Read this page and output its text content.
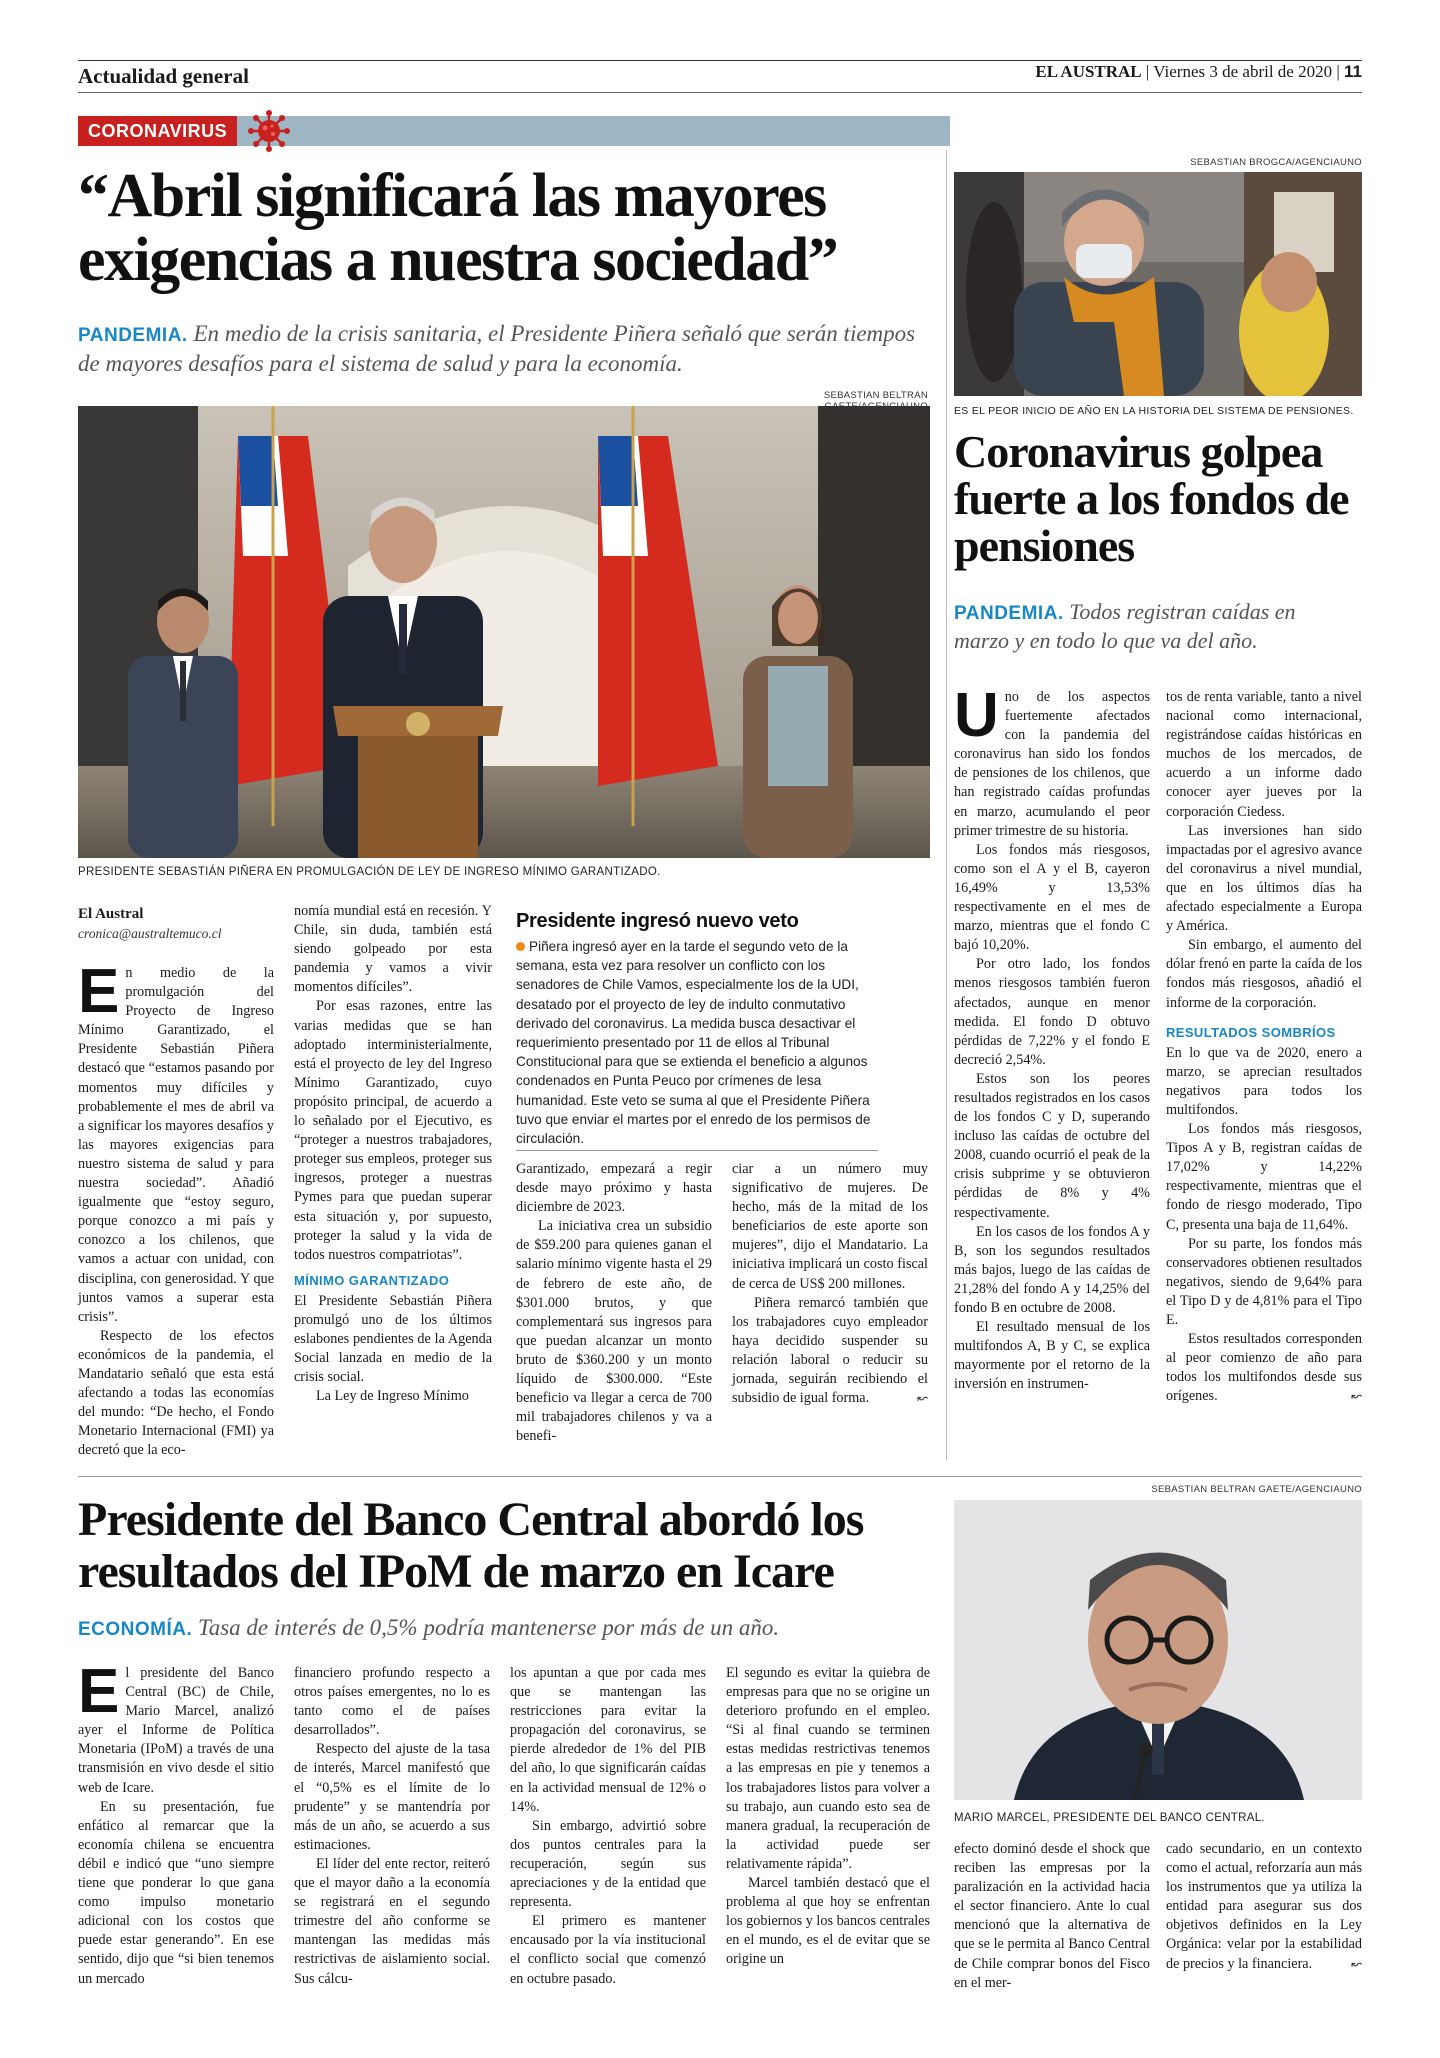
Actualidad general	EL AUSTRAL | Viernes 3 de abril de 2020 | 11
CORONAVIRUS
“Abril significará las mayores exigencias a nuestra sociedad”
PANDEMIA. En medio de la crisis sanitaria, el Presidente Piñera señaló que serán tiempos de mayores desafíos para el sistema de salud y para la economía.
SEBASTIAN BELTRAN
PRESIDENTE SEBASTIÁN PIÑERA EN PROMULGACIÓN DE LEY DE INGRESO MÍNIMO GARANTIZADO.
El Austral
cronica@australtemuco.cl

En medio de la promulgación del Proyecto de Ingreso Mínimo Garantizado, el Presidente Sebastián Piñera destacó que “estamos pasando por momentos muy difíciles y probablemente el mes de abril va a significar los mayores desafíos y las mayores exigencias para nuestro sistema de salud y para nuestra sociedad”. Añadió igualmente que “estoy seguro, porque conozco a mi país y conozco a los chilenos, que vamos a actuar con unidad, con disciplina, con generosidad. Y que juntos vamos a superar esta crisis”.

Respecto de los efectos económicos de la pandemia, el Mandatario señaló que esta está afectando a todas las economías del mundo: “De hecho, el Fondo Monetario Internacional (FMI) ya decretó que la eco-

nomía mundial está en recesión. Y Chile, sin duda, también está siendo golpeado por esta pandemia y vamos a vivir momentos difíciles”.

Por esas razones, entre las varias medidas que se han adoptado interministerialmente, está el proyecto de ley del Ingreso Mínimo Garantizado, cuyo propósito principal, de acuerdo a lo señalado por el Ejecutivo, es “proteger a nuestros trabajadores, proteger sus empleos, proteger sus ingresos, proteger a nuestras Pymes para que puedan superar esta situación y, por supuesto, proteger la salud y la vida de todos nuestros compatriotas”.

MÍNIMO GARANTIZADO

El Presidente Sebastián Piñera promulgó uno de los últimos eslabones pendientes de la Agenda Social lanzada en medio de la crisis social.

La Ley de Ingreso Mínimo

Presidente ingresó nuevo veto
Piñera ingresó ayer en la tarde el segundo veto de la semana, esta vez para resolver un conflicto con los senadores de Chile Vamos, especialmente los de la UDI, desatado por el proyecto de ley de indulto conmutativo derivado del coronavirus. La medida busca desactivar el requerimiento presentado por 11 de ellos al Tribunal Constitucional para que se extienda el beneficio a algunos condenados en Punta Peuco por crímenes de lesa humanidad. Este veto se suma al que el Presidente Piñera tuvo que enviar el martes por el enredo de los permisos de circulación.

Garantizado, empezará a regir desde mayo próximo y hasta diciembre de 2023.

La iniciativa crea un subsidio de $59.200 para quienes ganan el salario mínimo vigente hasta el 29 de febrero de este año, de $301.000 brutos, y que complementará sus ingresos para que puedan alcanzar un monto bruto de $360.200 y un monto líquido de $300.000. “Este beneficio va llegar a cerca de 700 mil trabajadores chilenos y va a benefi-

ciar a un número muy significativo de mujeres. De hecho, más de la mitad de los beneficiarios de este aporte son mujeres”, dijo el Mandatario. La iniciativa implicará un costo fiscal de cerca de US$ 200 millones.

Piñera remarcó también que los trabajadores cuyo empleador haya decidido suspender su relación laboral o reducir su jornada, seguirán recibiendo el subsidio de igual forma.	↜

SEBASTIAN BROGCA/AGENCIAUNO
ES EL PEOR INICIO DE AÑO EN LA HISTORIA DEL SISTEMA DE PENSIONES.
Coronavirus golpea fuerte a los fondos de pensiones
PANDEMIA. Todos registran caídas en marzo y en todo lo que va del año.

Uno de los aspectos fuertemente afectados con la pandemia del coronavirus han sido los fondos de pensiones de los chilenos, que han registrado caídas profundas en marzo, acumulando el peor primer trimestre de su historia.

Los fondos más riesgosos, como son el A y el B, cayeron 16,49% y 13,53% respectivamente en el mes de marzo, mientras que el fondo C bajó 10,20%.

Por otro lado, los fondos menos riesgosos también fueron afectados, aunque en menor medida. El fondo D obtuvo pérdidas de 7,22% y el fondo E decreció 2,54%.

Estos son los peores resultados registrados en los casos de los fondos C y D, superando incluso las caídas de octubre del 2008, cuando ocurrió el peak de la crisis subprime y se obtuvieron pérdidas de 8% y 4% respectivamente.

En los casos de los fondos A y B, son los segundos resultados más bajos, luego de las caídas de 21,28% del fondo A y 14,25% del fondo B en octubre de 2008.

El resultado mensual de los multifondos A, B y C, se explica mayormente por el retorno de la inversión en instrumen-

tos de renta variable, tanto a nivel nacional como internacional, registrándose caídas históricas en muchos de los mercados, de acuerdo a un informe dado conocer ayer jueves por la corporación Ciedess.

Las inversiones han sido impactadas por el agresivo avance del coronavirus a nivel mundial, que en los últimos días ha afectado especialmente a Europa y América.

Sin embargo, el aumento del dólar frenó en parte la caída de los fondos más riesgosos, añadió el informe de la corporación.

RESULTADOS SOMBRÍOS

En lo que va de 2020, enero a marzo, se aprecian resultados negativos para todos los multifondos.

Los fondos más riesgosos, Tipos A y B, registran caídas de 17,02% y 14,22% respectivamente, mientras que el fondo de riesgo moderado, Tipo C, presenta una baja de 11,64%.

Por su parte, los fondos más conservadores obtienen resultados negativos, siendo de 9,64% para el Tipo D y de 4,81% para el Tipo E.

Estos resultados corresponden al peor comienzo de año para todos los multifondos desde sus orígenes.	↜

Presidente del Banco Central abordó los resultados del IPoM de marzo en Icare
ECONOMÍA. Tasa de interés de 0,5% podría mantenerse por más de un año.
SEBASTIAN BELTRAN GAETE/AGENCIAUNO
MARIO MARCEL, PRESIDENTE DEL BANCO CENTRAL.

El presidente del Banco Central (BC) de Chile, Mario Marcel, analizó ayer el Informe de Política Monetaria (IPoM) a través de una transmisión en vivo desde el sitio web de Icare.

En su presentación, fue enfático al remarcar que la economía chilena se encuentra débil e indicó que “uno siempre tiene que ponderar lo que gana como impulso monetario adicional con los costos que puede estar generando”. En ese sentido, dijo que “si bien tenemos un mercado

financiero profundo respecto a otros países emergentes, no lo es tanto como el de países desarrollados”.

Respecto del ajuste de la tasa de interés, Marcel manifestó que el “0,5% es el límite de lo prudente” y se mantendría por más de un año, se acuerdo a sus estimaciones.

El líder del ente rector, reiteró que el mayor daño a la economía se registrará en el segundo trimestre del año conforme se mantengan las medidas más restrictivas de aislamiento social. Sus cálcu-

los apuntan a que por cada mes que se mantengan las restricciones para evitar la propagación del coronavirus, se pierde alrededor de 1% del PIB del año, lo que significarán caídas en la actividad mensual de 12% o 14%.

Sin embargo, advirtió sobre dos puntos centrales para la recuperación, según sus apreciaciones y de la entidad que representa.

El primero es mantener encausado por la vía institucional el conflicto social que comenzó en octubre pasado.

El segundo es evitar la quiebra de empresas para que no se origine un deterioro profundo en el empleo. “Si al final cuando se terminen estas medidas restrictivas tenemos a las empresas en pie y tenemos a los trabajadores listos para volver a su trabajo, aun cuando esto sea de manera gradual, la recuperación de la actividad puede ser relativamente rápida”.

Marcel también destacó que el problema al que hoy se enfrentan los gobiernos y los bancos centrales en el mundo, es el de evitar que se origine un

efecto dominó desde el shock que reciben las empresas por la paralización en la actividad hacia el sector financiero. Ante lo cual mencionó que la alternativa de que se le permita al Banco Central de Chile comprar bonos del Fisco en el mer-

cado secundario, en un contexto como el actual, reforzaría aun más los instrumentos que ya utiliza la entidad para asegurar sus dos objetivos definidos en la Ley Orgánica: velar por la estabilidad de precios y la financiera.	↜
